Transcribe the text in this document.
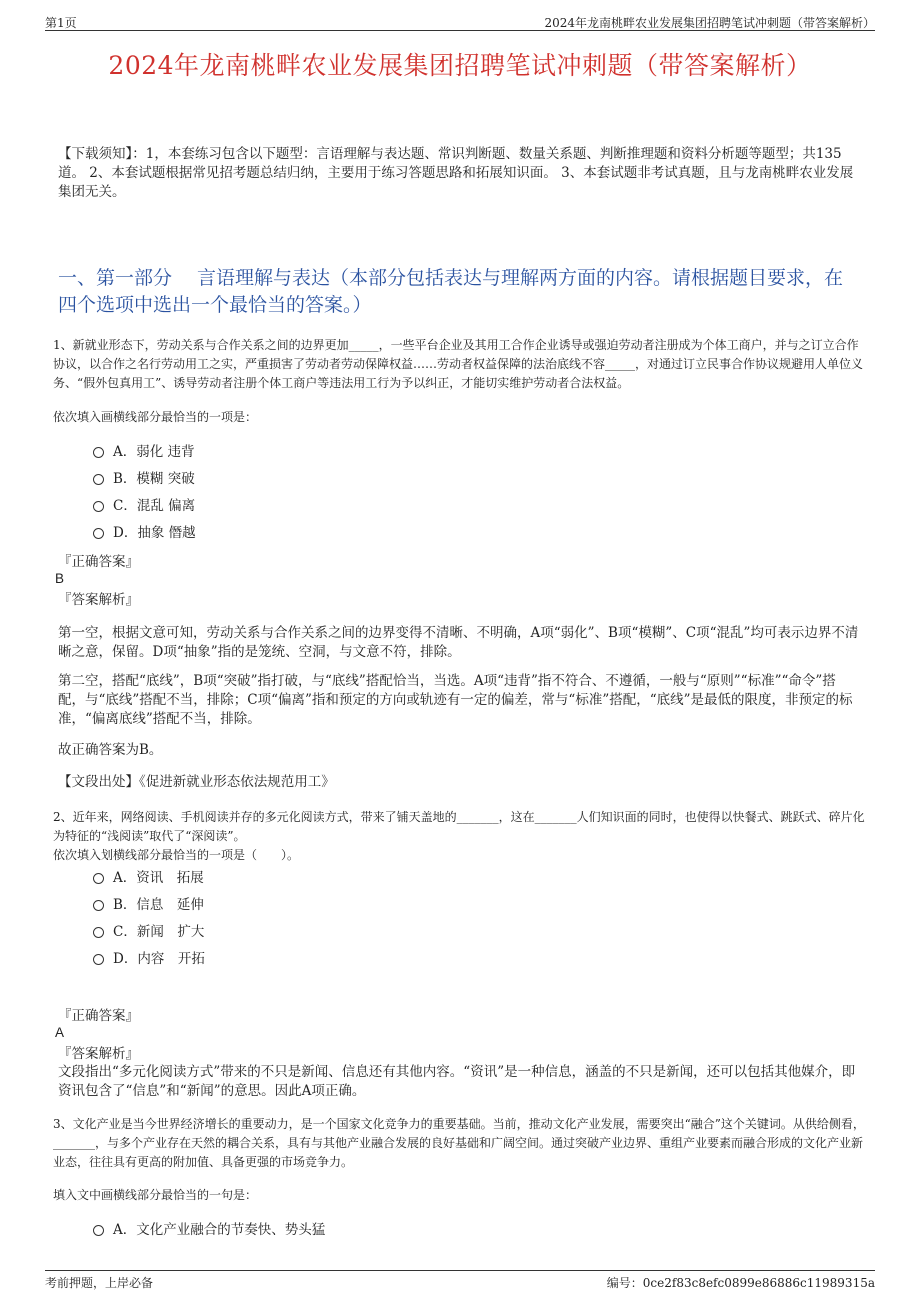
第1页	2024年龙南桃畔农业发展集团招聘笔试冲刺题（带答案解析）
2024年龙南桃畔农业发展集团招聘笔试冲刺题（带答案解析）
【下载须知】：1，本套练习包含以下题型：言语理解与表达题、常识判断题、数量关系题、判断推理题和资料分析题等题型；共135道。 2、本套试题根据常见招考题总结归纳，主要用于练习答题思路和拓展知识面。 3、本套试题非考试真题，且与龙南桃畔农业发展集团无关。
一、第一部分　 言语理解与表达（本部分包括表达与理解两方面的内容。请根据题目要求，在四个选项中选出一个最恰当的答案。）
1、新就业形态下，劳动关系与合作关系之间的边界更加_____，一些平台企业及其用工合作企业诱导或强迫劳动者注册成为个体工商户，并与之订立合作协议，以合作之名行劳动用工之实，严重损害了劳动者劳动保障权益……劳动者权益保障的法治底线不容_____，对通过订立民事合作协议规避用人单位义务、“假外包真用工”、诱导劳动者注册个体工商户等违法用工行为予以纠正，才能切实维护劳动者合法权益。
依次填入画横线部分最恰当的一项是：
A．弱化 违背
B．模糊 突破
C．混乱 偏离
D．抽象 僭越
『正确答案』
B
『答案解析』
第一空，根据文意可知，劳动关系与合作关系之间的边界变得不清晰、不明确，A项“弱化”、B项“模糊”、C项“混乱”均可表示边界不清晰之意，保留。D项“抽象”指的是笼统、空洞，与文意不符，排除。
第二空，搭配“底线”，B项“突破”指打破，与“底线”搭配恰当，当选。A项“违背”指不符合、不遵循，一般与“原则”“标准”“命令”搭配，与“底线”搭配不当，排除；C项“偏离”指和预定的方向或轨迹有一定的偏差，常与“标准”搭配，“底线”是最低的限度，非预定的标准，“偏离底线”搭配不当，排除。
故正确答案为B。
【文段出处】《促进新就业形态依法规范用工》
2、近年来，网络阅读、手机阅读并存的多元化阅读方式，带来了铺天盖地的_______，这在_______人们知识面的同时，也使得以快餐式、跳跃式、碎片化为特征的“浅阅读”取代了“深阅读”。
依次填入划横线部分最恰当的一项是（　　）。
A．资讯　拓展
B．信息　延伸
C．新闻　扩大
D．内容　开拓
『正确答案』
A
『答案解析』
文段指出“多元化阅读方式”带来的不只是新闻、信息还有其他内容。“资讯”是一种信息，涵盖的不只是新闻，还可以包括其他媒介，即资讯包含了“信息”和“新闻”的意思。因此A项正确。
3、文化产业是当今世界经济增长的重要动力，是一个国家文化竞争力的重要基础。当前，推动文化产业发展，需要突出“融合”这个关键词。从供给侧看，_______，与多个产业存在天然的耦合关系，具有与其他产业融合发展的良好基础和广阔空间。通过突破产业边界、重组产业要素而融合形成的文化产业新业态，往往具有更高的附加值、具备更强的市场竞争力。
填入文中画横线部分最恰当的一句是：
A．文化产业融合的节奏快、势头猛
考前押题，上岸必备	编号：0ce2f83c8efc0899e86886c11989315a
